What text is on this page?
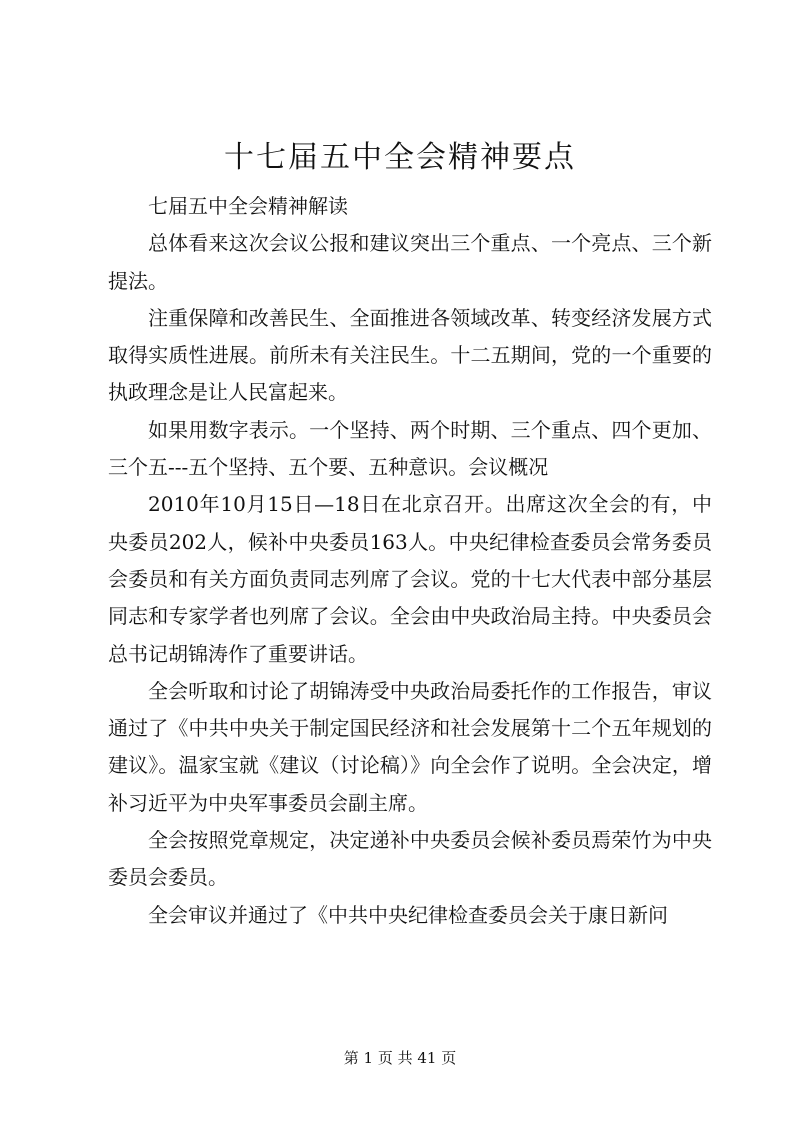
十七届五中全会精神要点

七届五中全会精神解读

总体看来这次会议公报和建议突出三个重点、一个亮点、三个新提法。

注重保障和改善民生、全面推进各领域改革、转变经济发展方式取得实质性进展。前所未有关注民生。十二五期间，党的一个重要的执政理念是让人民富起来。

如果用数字表示。一个坚持、两个时期、三个重点、四个更加、三个五---五个坚持、五个要、五种意识。会议概况

2010年10月15日—18日在北京召开。出席这次全会的有，中央委员202人，候补中央委员163人。中央纪律检查委员会常务委员会委员和有关方面负责同志列席了会议。党的十七大代表中部分基层同志和专家学者也列席了会议。全会由中央政治局主持。中央委员会总书记胡锦涛作了重要讲话。

全会听取和讨论了胡锦涛受中央政治局委托作的工作报告，审议通过了《中共中央关于制定国民经济和社会发展第十二个五年规划的建议》。温家宝就《建议（讨论稿）》向全会作了说明。全会决定，增补习近平为中央军事委员会副主席。

全会按照党章规定，决定递补中央委员会候补委员焉荣竹为中央委员会委员。

全会审议并通过了《中共中央纪律检查委员会关于康日新问

第 1 页 共 41 页
